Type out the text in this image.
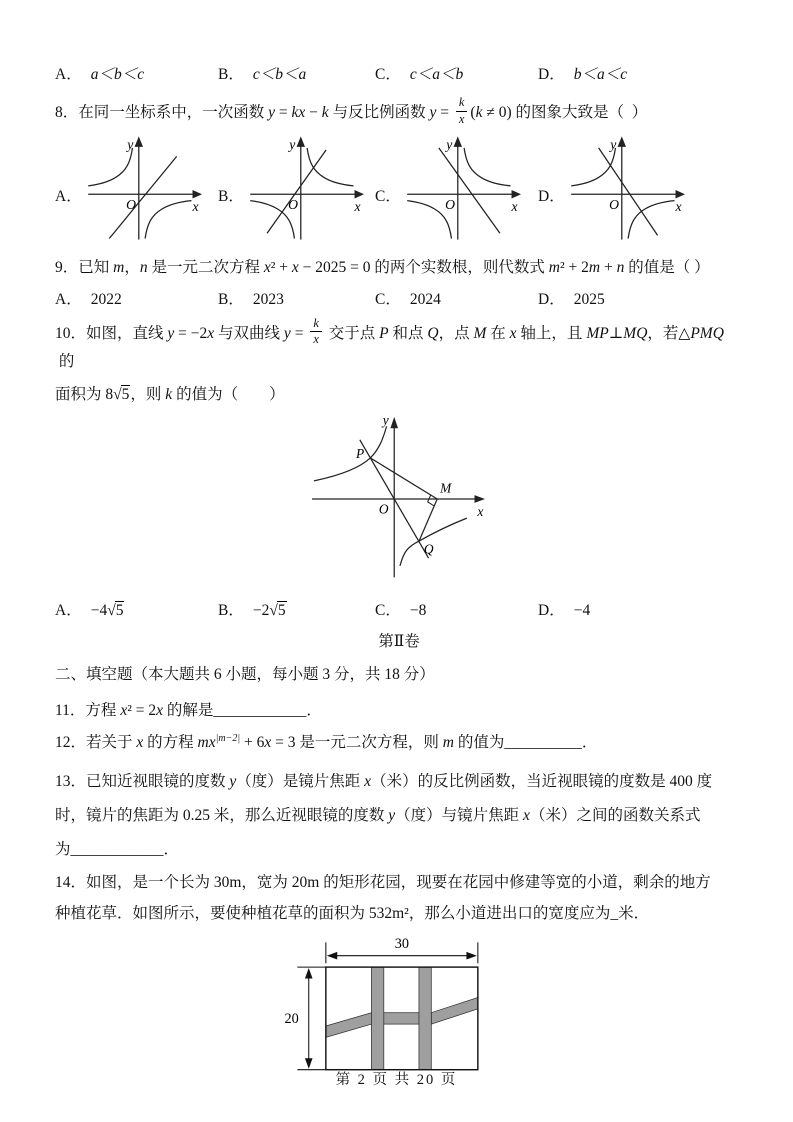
A． a＜b＜c	B． c＜b＜a	C． c＜a＜b	D． b＜a＜c
8．在同一坐标系中，一次函数 y = kx − k 与反比例函数 $y = \frac{k}{x} (k \ne 0)$ 的图象大致是（  ）
A．
y
x
O	B．
y
x
O	C．
y
x
O	D．
y
x
O
9．已知 m，n 是一元二次方程 x² + x − 2025 = 0 的两个实数根，则代数式 m² + 2m + n 的值是（ ）
A． 2022	B． 2023	C． 2024	D． 2025
10．如图，直线 y = −2 x 与双曲线 $y = \frac{k}{x}$ 交于点 P 和点 Q ，点 M 在 x 轴上，且 MP ⊥ MQ ，若△ PMQ
的
面积为 8√5，则 k 的值为（　　）
y
x
O
P
M
Q
A． −4√5	B． −2√5	C． −8	D． −4
第Ⅱ卷
二、填空题（本大题共 6 小题，每小题 3 分，共 18 分）
11．方程 x² = 2x 的解是____________．
12．若关于 x 的方程 $mx^{|m-2|} + 6x = 3$ 是一元二次方程，则 m 的值为__________．
13．已知近视眼镜的度数 y（度）是镜片焦距 x（米）的反比例函数，当近视眼镜的度数是 400 度
时，镜片的焦距为 0.25 米，那么近视眼镜的度数 y（度）与镜片焦距 x（米）之间的函数关系式
为____________．
14．如图，是一个长为 30m，宽为 20m 的矩形花园，现要在花园中修建等宽的小道，剩余的地方
种植花草．如图所示，要使种植花草的面积为 532m²，那么小道进出口的宽度应为_米．
30
20
第 2 页 共 20 页
